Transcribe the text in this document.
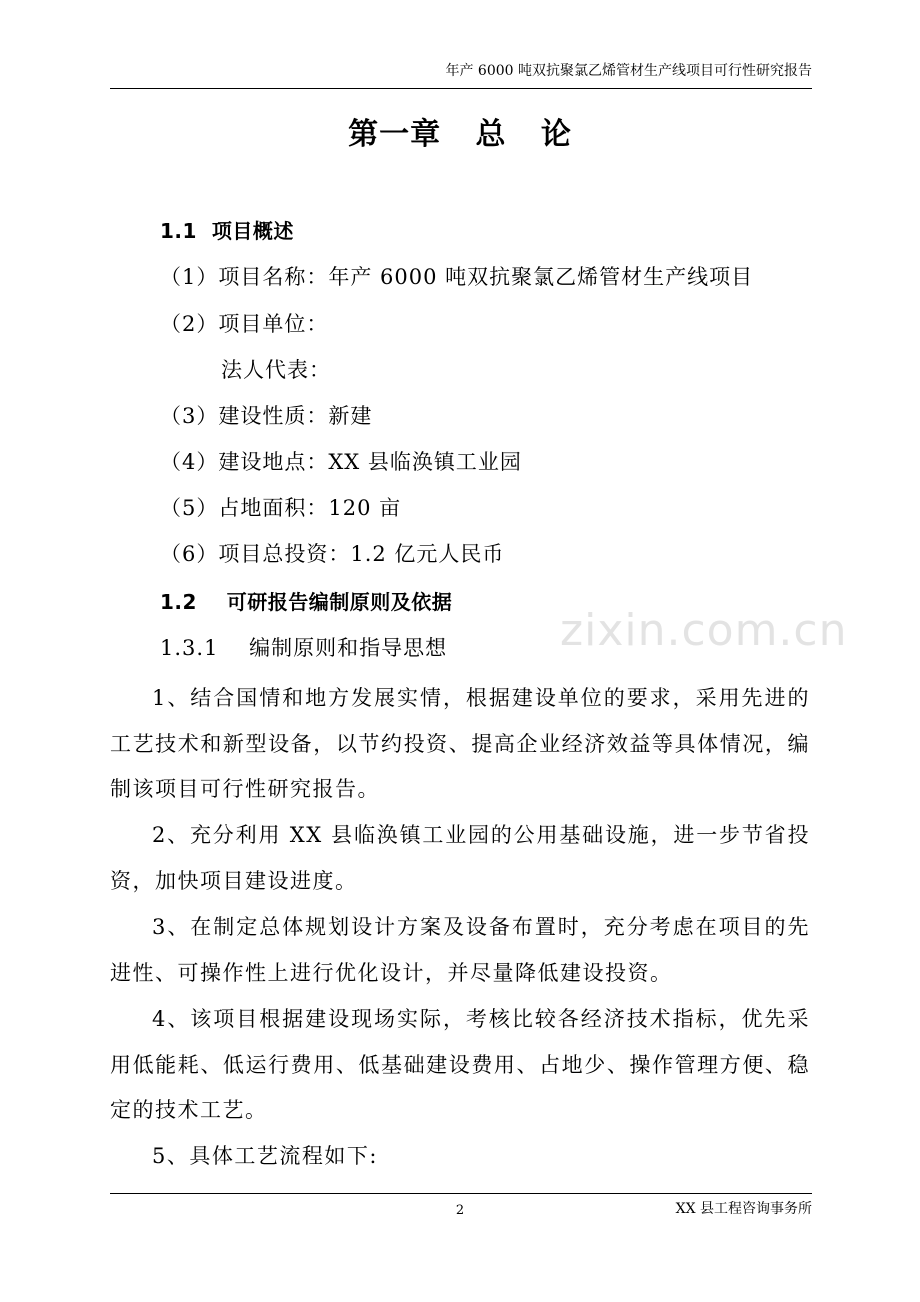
年产 6000 吨双抗聚氯乙烯管材生产线项目可行性研究报告
第一章   总   论
1.1  项目概述
（1）项目名称：年产 6000 吨双抗聚氯乙烯管材生产线项目
（2）项目单位：
法人代表：
（3）建设性质：新建
（4）建设地点：XX 县临涣镇工业园
（5）占地面积：120 亩
（6）项目总投资：1.2 亿元人民币
1.2    可研报告编制原则及依据
1.3.1    编制原则和指导思想	zixin.com.cn
1、结合国情和地方发展实情，根据建设单位的要求，采用先进的工艺技术和新型设备，以节约投资、提高企业经济效益等具体情况，编制该项目可行性研究报告。
2、充分利用 XX 县临涣镇工业园的公用基础设施，进一步节省投资，加快项目建设进度。
3、在制定总体规划设计方案及设备布置时，充分考虑在项目的先进性、可操作性上进行优化设计，并尽量降低建设投资。
4、该项目根据建设现场实际，考核比较各经济技术指标，优先采用低能耗、低运行费用、低基础建设费用、占地少、操作管理方便、稳定的技术工艺。
5、具体工艺流程如下:
2	XX 县工程咨询事务所
